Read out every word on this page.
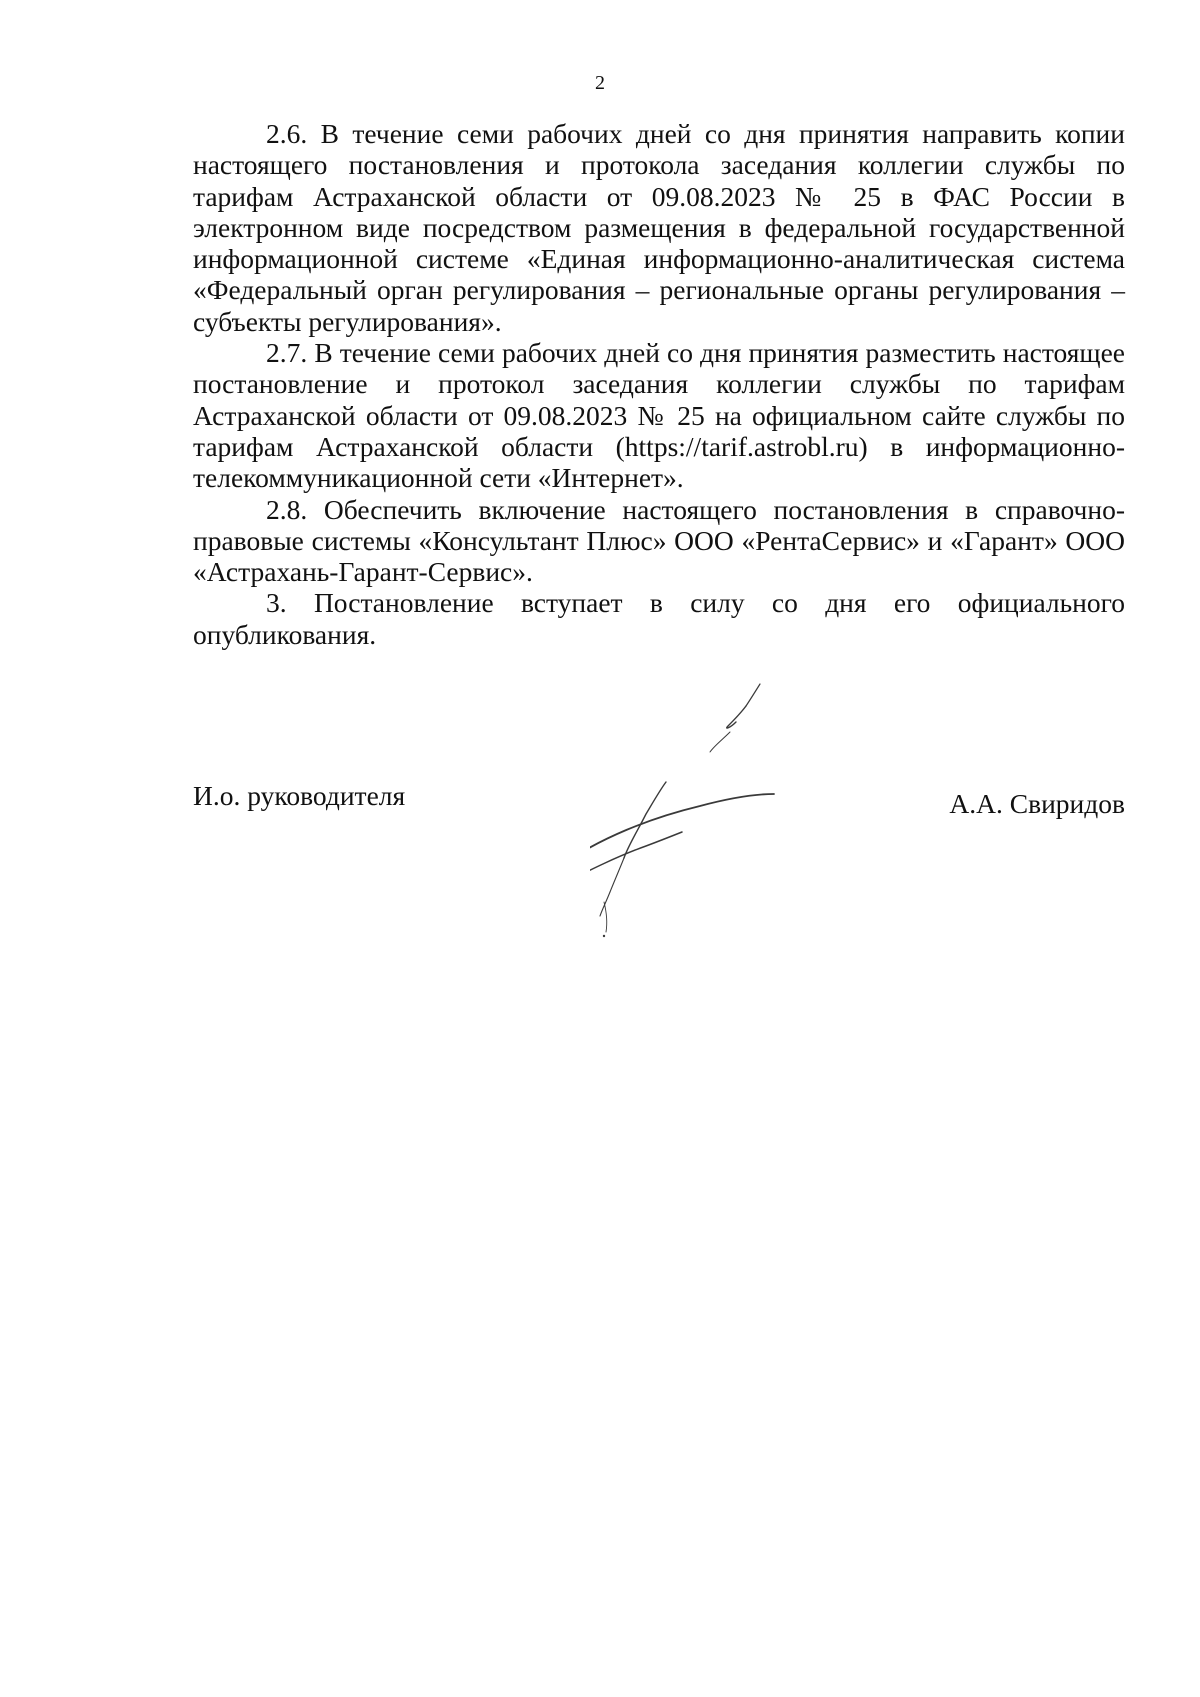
2

2.6. В течение семи рабочих дней со дня принятия направить копии настоящего постановления и протокола заседания коллегии службы по тарифам Астраханской области от 09.08.2023 № 25 в ФАС России в электронном виде посредством размещения в федеральной государственной информационной системе «Единая информационно-аналитическая система «Федеральный орган регулирования – региональные органы регулирования – субъекты регулирования».

2.7. В течение семи рабочих дней со дня принятия разместить настоящее постановление и протокол заседания коллегии службы по тарифам Астраханской области от 09.08.2023 № 25 на официальном сайте службы по тарифам Астраханской области (https://tarif.astrobl.ru) в информационно-телекоммуникационной сети «Интернет».

2.8. Обеспечить включение настоящего постановления в справочно-правовые системы «Консультант Плюс» ООО «РентаСервис» и «Гарант» ООО «Астрахань-Гарант-Сервис».

3. Постановление вступает в силу со дня его официального опубликования.

И.о. руководителя	А.А. Свиридов
